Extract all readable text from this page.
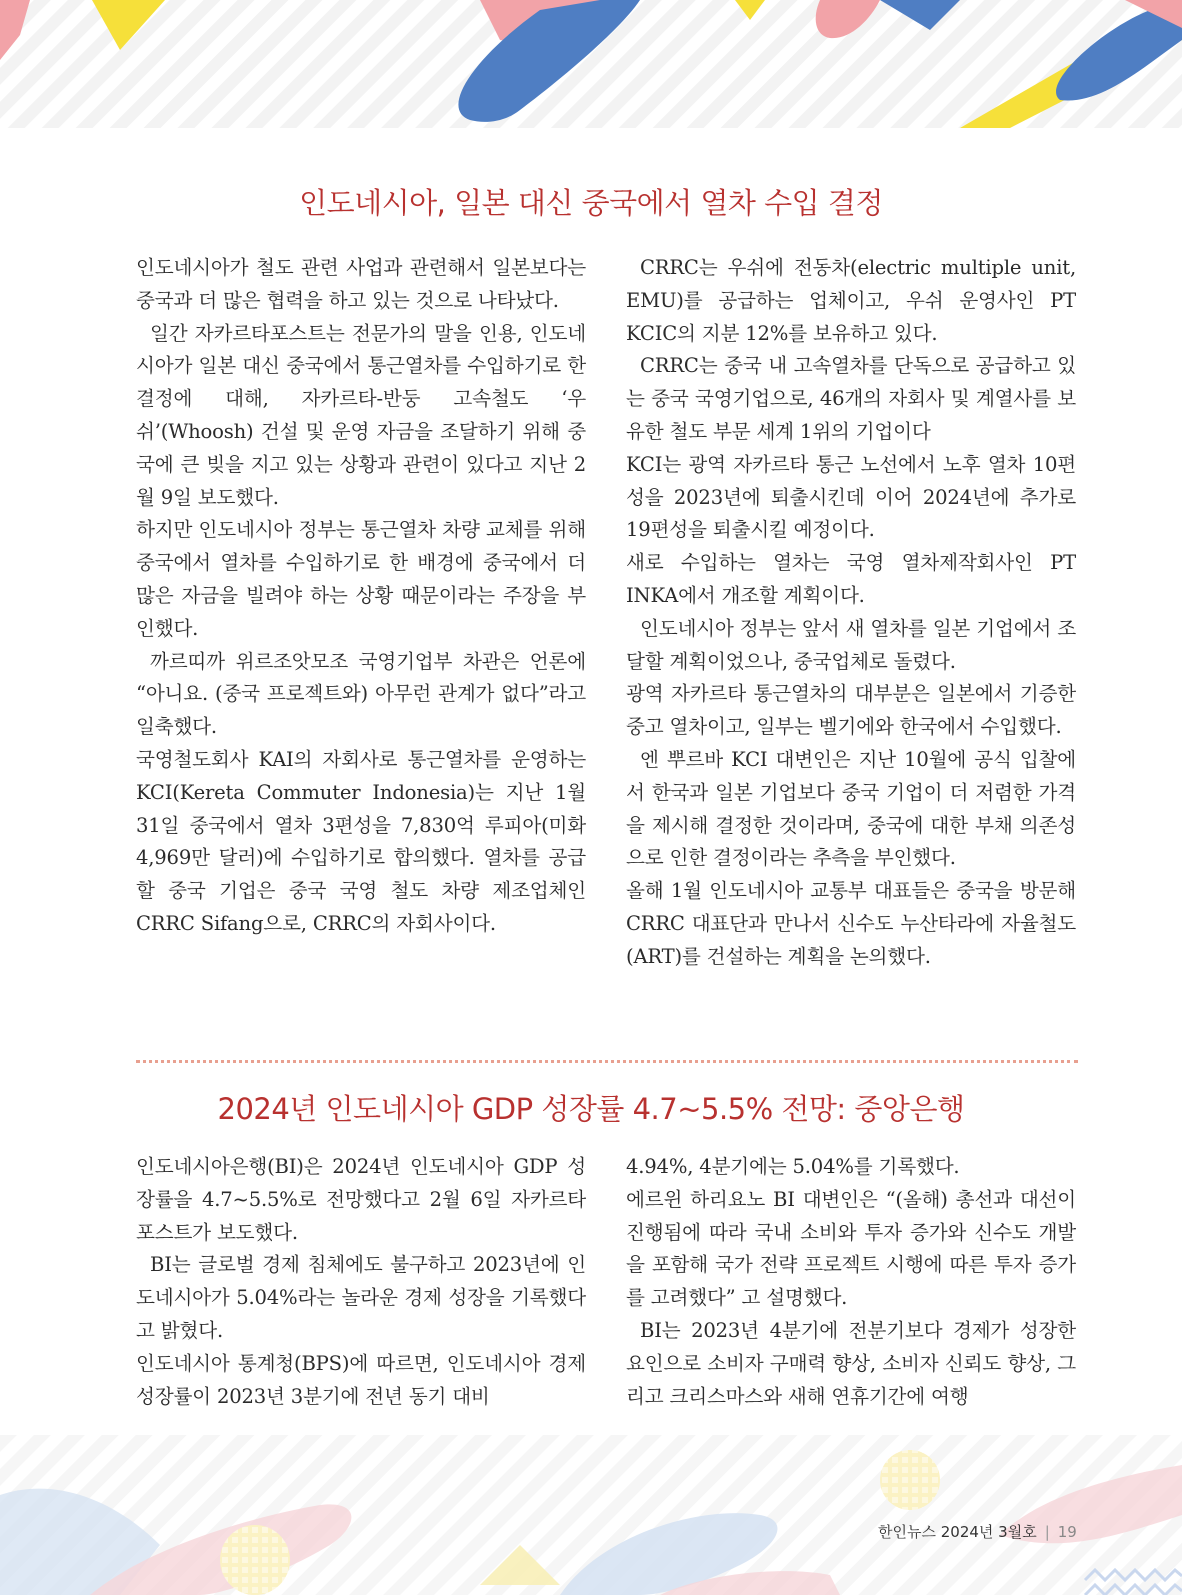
인도네시아, 일본 대신 중국에서 열차 수입 결정

인도네시아가 철도 관련 사업과 관련해서 일본보다는 중국과 더 많은 협력을 하고 있는 것으로 나타났다.

일간 자카르타포스트는 전문가의 말을 인용, 인도네시아가 일본 대신 중국에서 통근열차를 수입하기로 한 결정에 대해, 자카르타-반둥 고속철도 ‘우쉬’(Whoosh) 건설 및 운영 자금을 조달하기 위해 중국에 큰 빚을 지고 있는 상황과 관련이 있다고 지난 2월 9일 보도했다.

하지만 인도네시아 정부는 통근열차 차량 교체를 위해 중국에서 열차를 수입하기로 한 배경에 중국에서 더 많은 자금을 빌려야 하는 상황 때문이라는 주장을 부인했다.

까르띠까 위르조앗모조 국영기업부 차관은 언론에 “아니요. (중국 프로젝트와) 아무런 관계가 없다”라고 일축했다.

국영철도회사 KAI의 자회사로 통근열차를 운영하는 KCI(Kereta Commuter Indonesia)는 지난 1월 31일 중국에서 열차 3편성을 7,830억 루피아(미화 4,969만 달러)에 수입하기로 합의했다. 열차를 공급할 중국 기업은 중국 국영 철도 차량 제조업체인 CRRC Sifang으로, CRRC의 자회사이다.

CRRC는 우쉬에 전동차(electric multiple unit, EMU)를 공급하는 업체이고, 우쉬 운영사인 PT KCIC의 지분 12%를 보유하고 있다.

CRRC는 중국 내 고속열차를 단독으로 공급하고 있는 중국 국영기업으로, 46개의 자회사 및 계열사를 보유한 철도 부문 세계 1위의 기업이다

KCI는 광역 자카르타 통근 노선에서 노후 열차 10편성을 2023년에 퇴출시킨데 이어 2024년에 추가로 19편성을 퇴출시킬 예정이다.

새로 수입하는 열차는 국영 열차제작회사인 PT INKA에서 개조할 계획이다.

인도네시아 정부는 앞서 새 열차를 일본 기업에서 조달할 계획이었으나, 중국업체로 돌렸다.

광역 자카르타 통근열차의 대부분은 일본에서 기증한 중고 열차이고, 일부는 벨기에와 한국에서 수입했다.

엔 뿌르바 KCI 대변인은 지난 10월에 공식 입찰에서 한국과 일본 기업보다 중국 기업이 더 저렴한 가격을 제시해 결정한 것이라며, 중국에 대한 부채 의존성으로 인한 결정이라는 추측을 부인했다.

올해 1월 인도네시아 교통부 대표들은 중국을 방문해 CRRC 대표단과 만나서 신수도 누산타라에 자율철도(ART)를 건설하는 계획을 논의했다.

2024년 인도네시아 GDP 성장률 4.7~5.5% 전망: 중앙은행

인도네시아은행(BI)은 2024년 인도네시아 GDP 성장률을 4.7~5.5%로 전망했다고 2월 6일 자카르타포스트가 보도했다.

BI는 글로벌 경제 침체에도 불구하고 2023년에 인도네시아가 5.04%라는 놀라운 경제 성장을 기록했다고 밝혔다.

인도네시아 통계청(BPS)에 따르면, 인도네시아 경제성장률이 2023년 3분기에 전년 동기 대비

4.94%, 4분기에는 5.04%를 기록했다.

에르윈 하리요노 BI 대변인은 “(올해) 총선과 대선이 진행됨에 따라 국내 소비와 투자 증가와 신수도 개발을 포함해 국가 전략 프로젝트 시행에 따른 투자 증가를 고려했다” 고 설명했다.

BI는 2023년 4분기에 전분기보다 경제가 성장한 요인으로 소비자 구매력 향상, 소비자 신뢰도 향상, 그리고 크리스마스와 새해 연휴기간에 여행

한인뉴스 2024년 3월호 | 19
